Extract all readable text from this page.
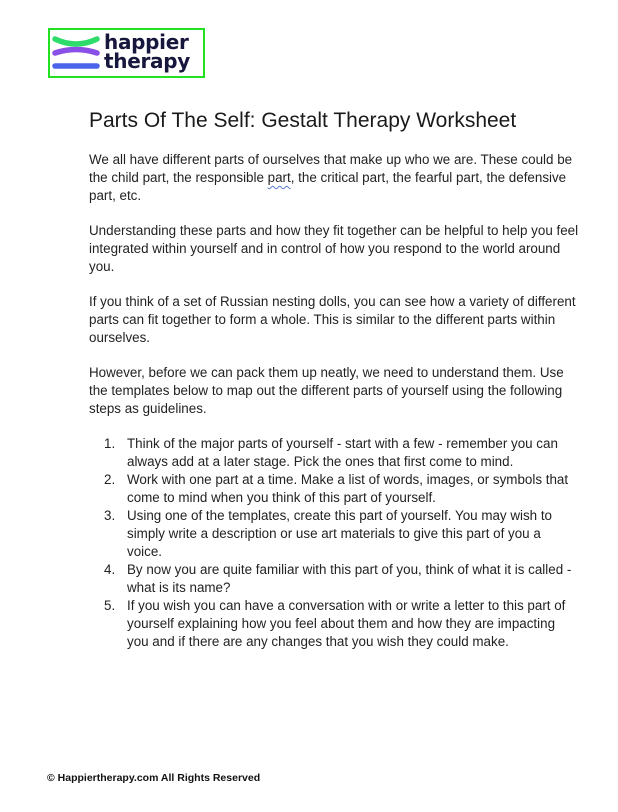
happier
therapy
Parts Of The Self: Gestalt Therapy Worksheet

We all have different parts of ourselves that make up who we are. These could be the child part, the responsible part, the critical part, the fearful part, the defensive part, etc.

Understanding these parts and how they fit together can be helpful to help you feel integrated within yourself and in control of how you respond to the world around you.

If you think of a set of Russian nesting dolls, you can see how a variety of different parts can fit together to form a whole. This is similar to the different parts within ourselves.

However, before we can pack them up neatly, we need to understand them. Use the templates below to map out the different parts of yourself using the following steps as guidelines.

1. Think of the major parts of yourself - start with a few - remember you can always add at a later stage. Pick the ones that first come to mind.
2. Work with one part at a time. Make a list of words, images, or symbols that come to mind when you think of this part of yourself.
3. Using one of the templates, create this part of yourself. You may wish to simply write a description or use art materials to give this part of you a voice.
4. By now you are quite familiar with this part of you, think of what it is called - what is its name?
5. If you wish you can have a conversation with or write a letter to this part of yourself explaining how you feel about them and how they are impacting you and if there are any changes that you wish they could make.
© Happiertherapy.com All Rights Reserved
